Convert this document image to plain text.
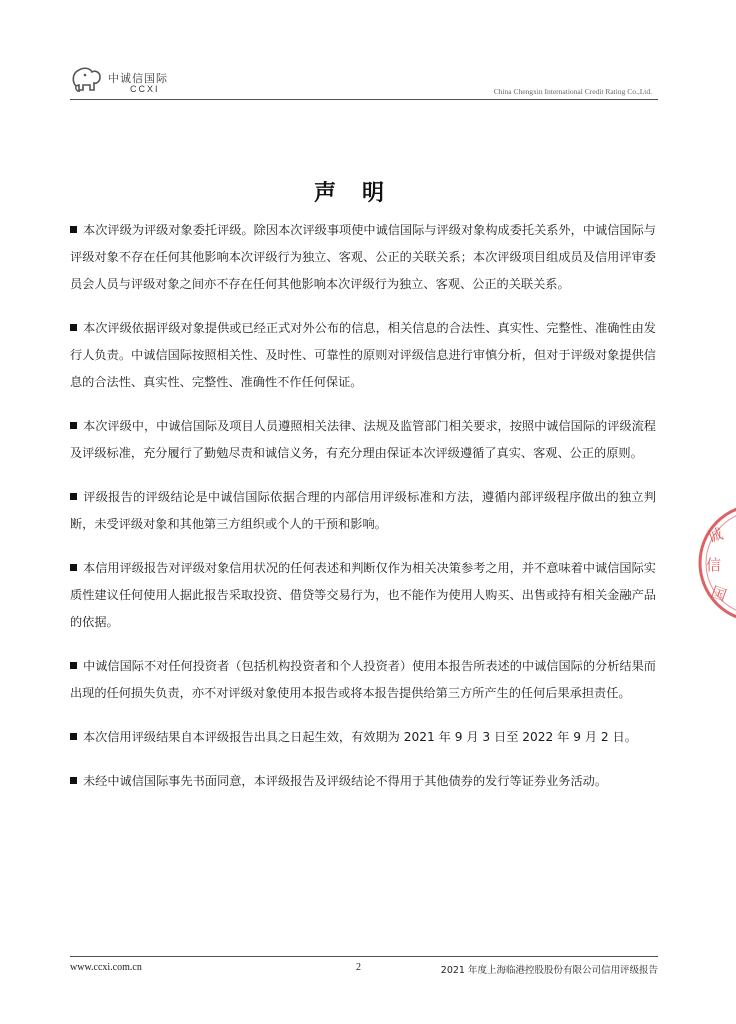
中诚信国际
CCXI	China Chengxin International Credit Rating Co.,Ltd.
声明

本次评级为评级对象委托评级。除因本次评级事项使中诚信国际与评级对象构成委托关系外，中诚信国际与评级对象不存在任何其他影响本次评级行为独立、客观、公正的关联关系；本次评级项目组成员及信用评审委员会人员与评级对象之间亦不存在任何其他影响本次评级行为独立、客观、公正的关联关系。

本次评级依据评级对象提供或已经正式对外公布的信息，相关信息的合法性、真实性、完整性、准确性由发行人负责。中诚信国际按照相关性、及时性、可靠性的原则对评级信息进行审慎分析，但对于评级对象提供信息的合法性、真实性、完整性、准确性不作任何保证。

本次评级中，中诚信国际及项目人员遵照相关法律、法规及监管部门相关要求，按照中诚信国际的评级流程及评级标准，充分履行了勤勉尽责和诚信义务，有充分理由保证本次评级遵循了真实、客观、公正的原则。

评级报告的评级结论是中诚信国际依据合理的内部信用评级标准和方法，遵循内部评级程序做出的独立判断，未受评级对象和其他第三方组织或个人的干预和影响。

本信用评级报告对评级对象信用状况的任何表述和判断仅作为相关决策参考之用，并不意味着中诚信国际实质性建议任何使用人据此报告采取投资、借贷等交易行为，也不能作为使用人购买、出售或持有相关金融产品的依据。

中诚信国际不对任何投资者（包括机构投资者和个人投资者）使用本报告所表述的中诚信国际的分析结果而出现的任何损失负责，亦不对评级对象使用本报告或将本报告提供给第三方所产生的任何后果承担责任。

本次信用评级结果自本评级报告出具之日起生效，有效期为 2021 年 9 月 3 日至 2022 年 9 月 2 日。

未经中诚信国际事先书面同意，本评级报告及评级结论不得用于其他债券的发行等证券业务活动。

诚
信
国
www.ccxi.com.cn	2	2021 年度上海临港控股股份有限公司信用评级报告
